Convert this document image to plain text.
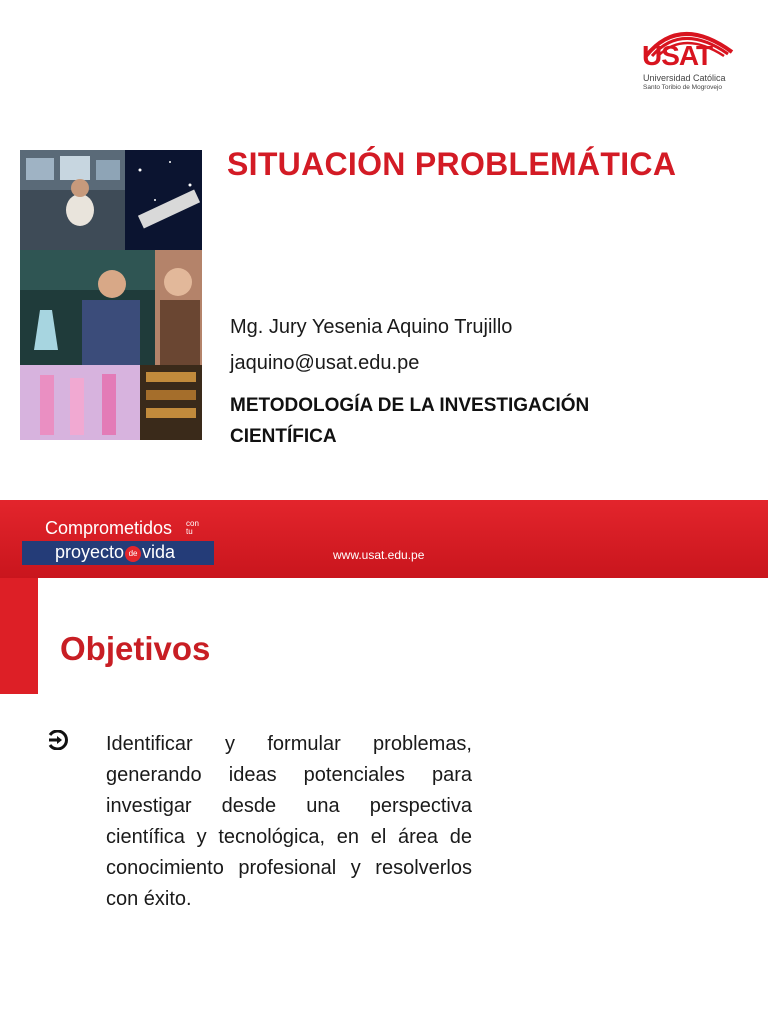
USAT
Universidad Católica
Santo Toribio de Mogrovejo
SITUACIÓN PROBLEMÁTICA
Mg. Jury Yesenia Aquino Trujillo
jaquino@usat.edu.pe
METODOLOGÍA DE LA INVESTIGACIÓN CIENTÍFICA
Comprometidos con
tu
proyecto de vida	www.usat.edu.pe
Objetivos
Identificar y formular problemas, generando ideas potenciales para investigar desde una perspectiva científica y tecnológica, en el área de conocimiento profesional y resolverlos con éxito.
